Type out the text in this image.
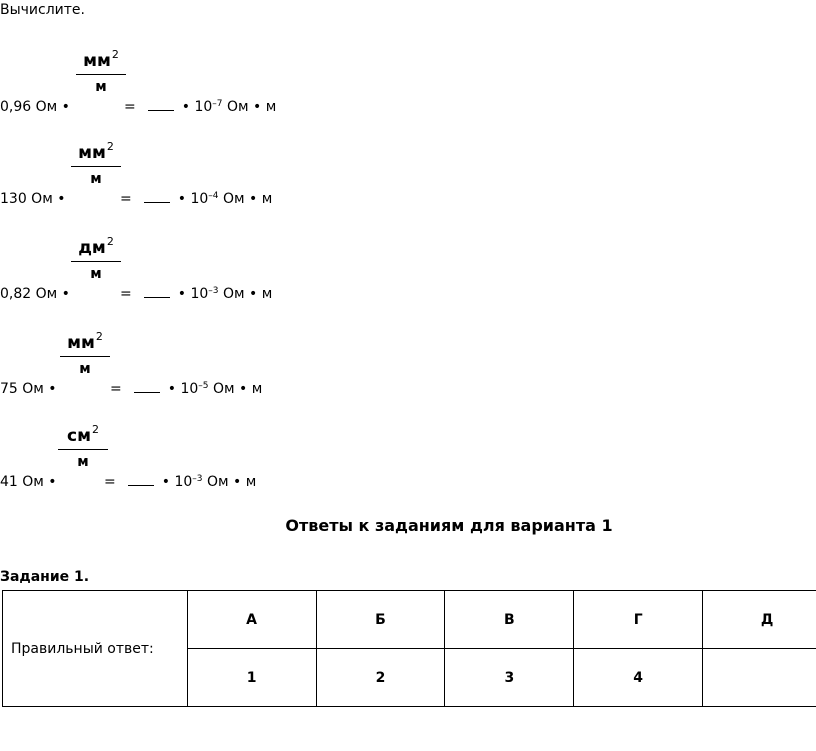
Вычислите.
0,96 Ом •
$мм^2$
м
=	• $10^{-7}$ Ом • м
130 Ом •
$мм^2$
м
=	• $10^{-4}$ Ом • м
0,82 Ом •
$дм^2$
м
=	• $10^{-3}$ Ом • м
75 Ом •
$мм^2$
м
=	• $10^{-5}$ Ом • м
41 Ом •
$см^2$
м
=	• $10^{-3}$ Ом • м
Ответы к заданиям для варианта 1
Задание 1.
Правильный ответ:	А	Б	В	Г	Д
	1	2	3	4	
